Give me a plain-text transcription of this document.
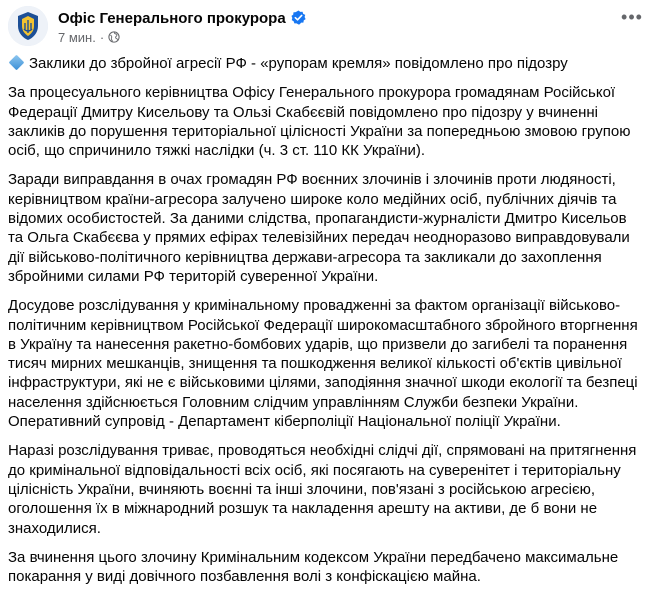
Офіс Генерального прокурора
7 мин. ·
•••

Заклики до збройної агресії РФ - «рупорам кремля» повідомлено про підозру

За процесуального керівництва Офісу Генерального прокурора громадянам Російської Федерації Дмитру Кисельову та Ользі Скабєєвій повідомлено про підозру у вчиненні закликів до порушення територіальної цілісності України за попередньою змовою групою осіб, що спричинило тяжкі наслідки (ч. 3 ст. 110 КК України).

Заради виправдання в очах громадян РФ воєнних злочинів і злочинів проти людяності, керівництвом країни-агресора залучено широке коло медійних осіб, публічних діячів та відомих особистостей. За даними слідства, пропагандисти-журналісти Дмитро Кисельов та Ольга Скабєєва у прямих ефірах телевізійних передач неодноразово виправдовували дії військово-політичного керівництва держави-агресора та закликали до захоплення збройними силами РФ територій суверенної України.

Досудове розслідування у кримінальному провадженні за фактом організації військово-політичним керівництвом Російської Федерації широкомасштабного збройного вторгнення в Україну та нанесення ракетно-бомбових ударів, що призвели до загибелі та поранення тисяч мирних мешканців, знищення та пошкодження великої кількості об'єктів цивільної інфраструктури, які не є військовими цілями, заподіяння значної шкоди екології та безпеці населення здійснюється Головним слідчим управлінням Служби безпеки України. Оперативний супровід - Департамент кіберполіції Національної поліції України.

Наразі розслідування триває, проводяться необхідні слідчі дії, спрямовані на притягнення до кримінальної відповідальності всіх осіб, які посягають на суверенітет і територіальну цілісність України, вчиняють воєнні та інші злочини, пов'язані з російською агресією, оголошення їх в міжнародний розшук та накладення арешту на активи, де б вони не знаходилися.

За вчинення цього злочину Кримінальним кодексом України передбачено максимальне покарання у виді довічного позбавлення волі з конфіскацією майна.
